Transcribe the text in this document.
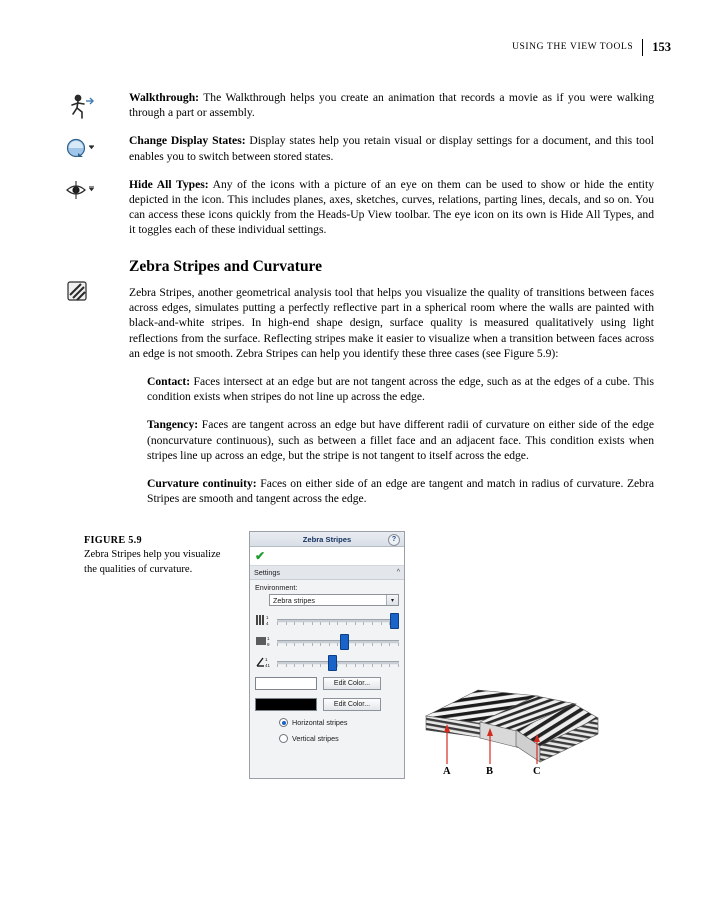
USING THE VIEW TOOLS	153

Walkthrough: The Walkthrough helps you create an animation that records a movie as if you were walking through a part or assembly.

Change Display States: Display states help you retain visual or display settings for a document, and this tool enables you to switch between stored states.

Hide All Types: Any of the icons with a picture of an eye on them can be used to show or hide the entity depicted in the icon. This includes planes, axes, sketches, curves, relations, parting lines, decals, and so on. You can access these icons quickly from the Heads-Up View toolbar. The eye icon on its own is Hide All Types, and it toggles each of these individual settings.

Zebra Stripes and Curvature

Zebra Stripes, another geometrical analysis tool that helps you visualize the quality of transitions between faces across edges, simulates putting a perfectly reflective part in a spherical room where the walls are painted with black-and-white stripes. In high-end shape design, surface quality is measured qualitatively using light reflections from the surface. Reflecting stripes make it easier to visualize when a transition between faces across an edge is not smooth. Zebra Stripes can help you identify these three cases (see Figure 5.9):

Contact: Faces intersect at an edge but are not tangent across the edge, such as at the edges of a cube. This condition exists when stripes do not line up across the edge.

Tangency: Faces are tangent across an edge but have different radii of curvature on either side of the edge (noncurvature continuous), such as between a fillet face and an adjacent face. This condition exists when stripes line up across an edge, but the stripe is not tangent to itself across the edge.

Curvature continuity: Faces on either side of an edge are tangent and match in radius of curvature. Zebra Stripes are smooth and tangent across the edge.

FIGURE 5.9
Zebra Stripes help you visualize the qualities of curvature.
Zebra Stripes	?
✔
Settings	^
Environment:
Zebra stripes	▾
1
4
1
9
1
41
Edit Color...
Edit Color...
Horizontal stripes
Vertical stripes
A	B	C
